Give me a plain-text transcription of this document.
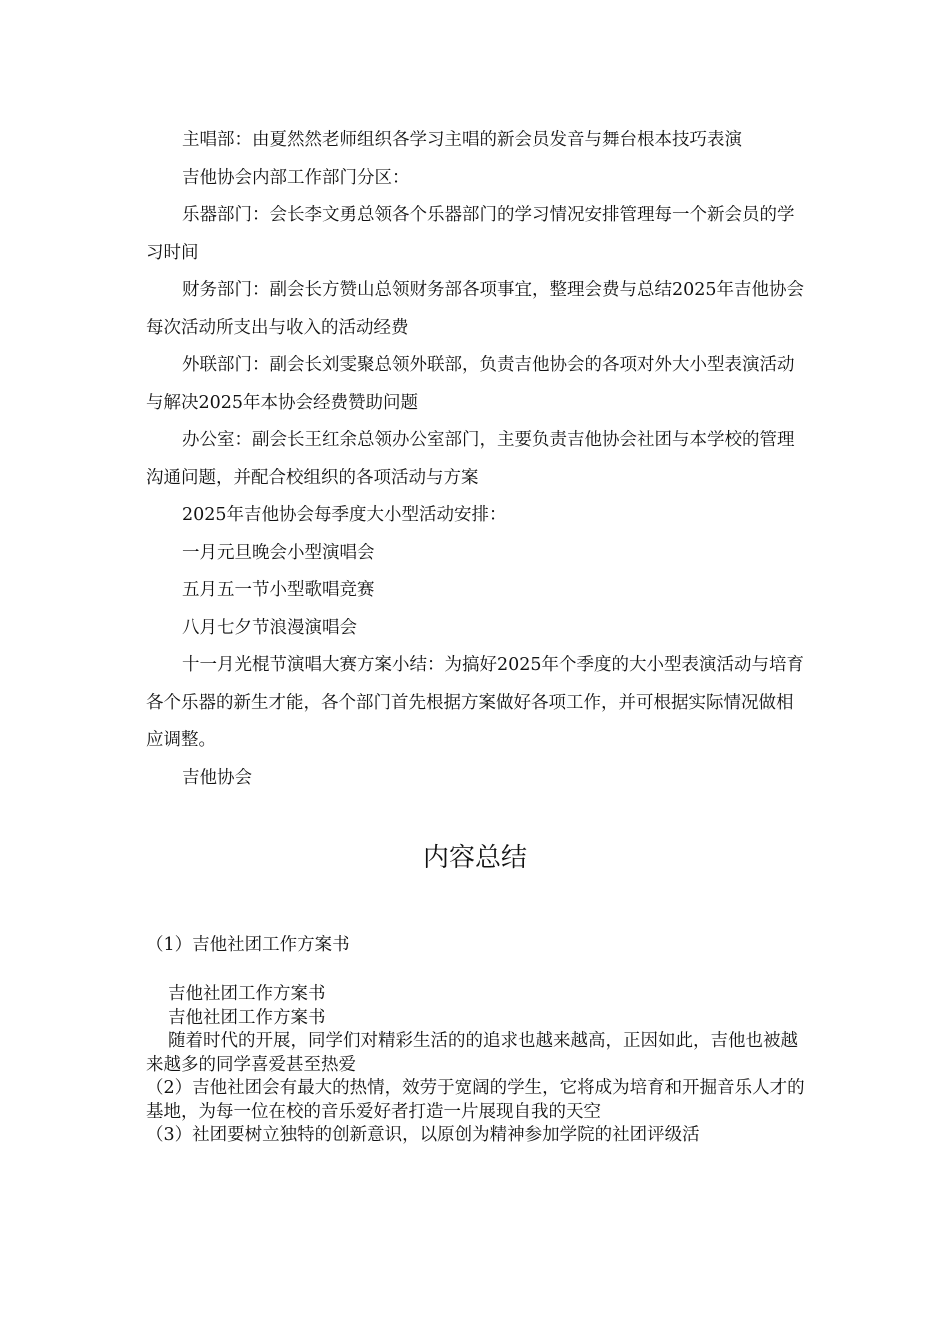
主唱部：由夏然然老师组织各学习主唱的新会员发音与舞台根本技巧表演

吉他协会内部工作部门分区：

乐器部门：会长李文勇总领各个乐器部门的学习情况安排管理每一个新会员的学习时间

财务部门：副会长方赞山总领财务部各项事宜，整理会费与总结2025年吉他协会每次活动所支出与收入的活动经费

外联部门：副会长刘雯聚总领外联部，负责吉他协会的各项对外大小型表演活动与解决2025年本协会经费赞助问题

办公室：副会长王红余总领办公室部门，主要负责吉他协会社团与本学校的管理沟通问题，并配合校组织的各项活动与方案

2025年吉他协会每季度大小型活动安排：

一月元旦晚会小型演唱会

五月五一节小型歌唱竞赛

八月七夕节浪漫演唱会

十一月光棍节演唱大赛方案小结：为搞好2025年个季度的大小型表演活动与培育各个乐器的新生才能，各个部门首先根据方案做好各项工作，并可根据实际情况做相应调整。

吉他协会

内容总结

（1）吉他社团工作方案书

吉他社团工作方案书

吉他社团工作方案书

随着时代的开展，同学们对精彩生活的的追求也越来越高，正因如此，吉他也被越来越多的同学喜爱甚至热爱

（2）吉他社团会有最大的热情，效劳于宽阔的学生，它将成为培育和开掘音乐人才的基地，为每一位在校的音乐爱好者打造一片展现自我的天空

（3）社团要树立独特的创新意识，以原创为精神参加学院的社团评级活
